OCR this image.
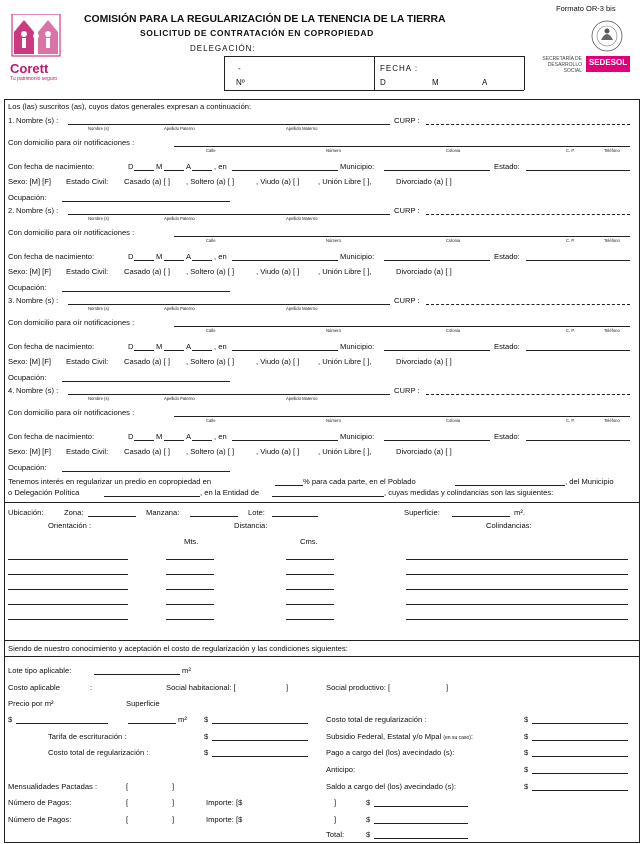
Corett
Tu patrimonio seguro
Formato OR-3 bis
COMISIÓN PARA LA REGULARIZACIÓN DE LA TENENCIA DE LA TIERRA
SOLICITUD DE CONTRATACIÓN EN COPROPIEDAD
DELEGACIÓN:
SECRETARÍA DE
DESARROLLO
SOCIAL
SEDESOL
-
Nº
FECHA :
D	M	A
Los (las) suscritos (as), cuyos datos generales expresan a continuación:
1. Nombre (s) :
Nombre (s)	Apellido Paterno	Apellido Materno
CURP :
Con domicilio para oír notificaciones :
Calle	Número	Colonia	C. P.	Teléfono
Con fecha de nacimiento:	D	M	A	, en	Municipio:	Estado:
Sexo: [M] [F] Estado Civil: Casado (a) [ ] , Soltero (a) [ ]	, Viudo (a) [ ] , Unión Libre [ ],	Divorciado (a) [ ]
Ocupación:
2. Nombre (s) :
Nombre (s)	Apellido Paterno	Apellido Materno
CURP :
Con domicilio para oír notificaciones :
Calle	Número	Colonia	C. P.	Teléfono
Con fecha de nacimiento:	D	M	A	, en	Municipio:	Estado:
Sexo: [M] [F] Estado Civil: Casado (a) [ ] , Soltero (a) [ ]	, Viudo (a) [ ] , Unión Libre [ ],	Divorciado (a) [ ]
Ocupación:
3. Nombre (s) :
Nombre (s)	Apellido Paterno	Apellido Materno
CURP :
Con domicilio para oír notificaciones :
Calle	Número	Colonia	C. P.	Teléfono
Con fecha de nacimiento:	D	M	A	, en	Municipio:	Estado:
Sexo: [M] [F] Estado Civil: Casado (a) [ ] , Soltero (a) [ ]	, Viudo (a) [ ] , Unión Libre [ ],	Divorciado (a) [ ]
Ocupación:
4. Nombre (s) :
Nombre (s)	Apellido Paterno	Apellido Materno
CURP :
Con domicilio para oír notificaciones :
Calle	Número	Colonia	C. P.	Teléfono
Con fecha de nacimiento:	D	M	A	, en	Municipio:	Estado:
Sexo: [M] [F] Estado Civil: Casado (a) [ ] , Soltero (a) [ ]	, Viudo (a) [ ] , Unión Libre [ ],	Divorciado (a) [ ]
Ocupación:
Tenemos interés en regularizar un predio en copropiedad en	% para cada parte, en el Poblado	, del Municipio
o Delegación Política	, en la Entidad de	, cuyas medidas y colindancias son las siguientes:
Ubicación:	Zona:	Manzana:	Lote:	Superficie:	m².
Orientación :	Distancia:	Colindancias:
Mts.	Cms.
Siendo de nuestro conocimiento y aceptación el costo de regularización y las condiciones siguientes:
Lote tipo aplicable:	m²
Costo aplicable	:	Social habitacional: [	]	Social productivo: [	]
Precio por m²	Superficie
$	m² $	Costo total de regularización :	$
Tarifa de escrituración :	$	Subsidio Federal, Estatal y/o Mpal (en su caso):	$
Costo total de regularización :	$	Pago a cargo del (los) avecindado (s):	$
Anticipo:	$
Mensualidades Pactadas :	[	]	Saldo a cargo del (los) avecindado (s):	$
Número de Pagos:	[	]	Importe: [$	]	$
Número de Pagos:	[	]	Importe: [$	]	$
Total:	$
